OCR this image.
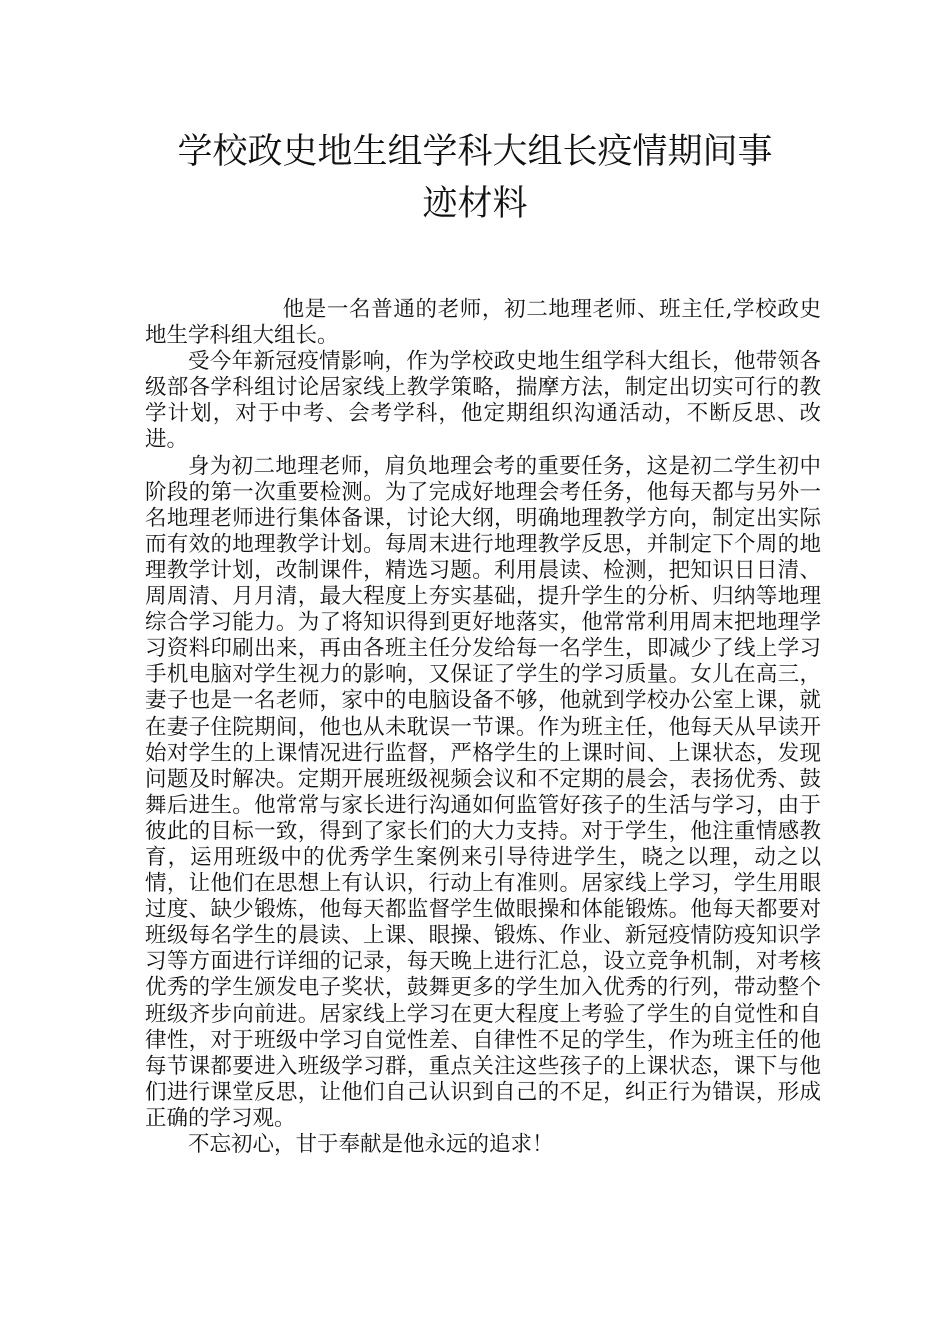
学校政史地生组学科大组长疫情期间事
迹材料

他是一名普通的老师，初二地理老师、班主任,学校政史地生学科组大组长。

受今年新冠疫情影响，作为学校政史地生组学科大组长，他带领各级部各学科组讨论居家线上教学策略，揣摩方法，制定出切实可行的教学计划，对于中考、会考学科，他定期组织沟通活动，不断反思、改进。

身为初二地理老师，肩负地理会考的重要任务，这是初二学生初中阶段的第一次重要检测。为了完成好地理会考任务，他每天都与另外一名地理老师进行集体备课，讨论大纲，明确地理教学方向，制定出实际而有效的地理教学计划。每周末进行地理教学反思，并制定下个周的地理教学计划，改制课件，精选习题。利用晨读、检测，把知识日日清、周周清、月月清，最大程度上夯实基础，提升学生的分析、归纳等地理综合学习能力。为了将知识得到更好地落实，他常常利用周末把地理学习资料印刷出来，再由各班主任分发给每一名学生，即减少了线上学习手机电脑对学生视力的影响，又保证了学生的学习质量。女儿在高三，妻子也是一名老师，家中的电脑设备不够，他就到学校办公室上课，就在妻子住院期间，他也从未耽误一节课。作为班主任，他每天从早读开始对学生的上课情况进行监督，严格学生的上课时间、上课状态，发现问题及时解决。定期开展班级视频会议和不定期的晨会，表扬优秀、鼓舞后进生。他常常与家长进行沟通如何监管好孩子的生活与学习，由于彼此的目标一致，得到了家长们的大力支持。对于学生，他注重情感教育，运用班级中的优秀学生案例来引导待进学生，晓之以理，动之以情，让他们在思想上有认识，行动上有准则。居家线上学习，学生用眼过度、缺少锻炼，他每天都监督学生做眼操和体能锻炼。他每天都要对班级每名学生的晨读、上课、眼操、锻炼、作业、新冠疫情防疫知识学习等方面进行详细的记录，每天晚上进行汇总，设立竞争机制，对考核优秀的学生颁发电子奖状，鼓舞更多的学生加入优秀的行列，带动整个班级齐步向前进。居家线上学习在更大程度上考验了学生的自觉性和自律性，对于班级中学习自觉性差、自律性不足的学生，作为班主任的他每节课都要进入班级学习群，重点关注这些孩子的上课状态，课下与他们进行课堂反思，让他们自己认识到自己的不足，纠正行为错误，形成正确的学习观。

不忘初心，甘于奉献是他永远的追求！
